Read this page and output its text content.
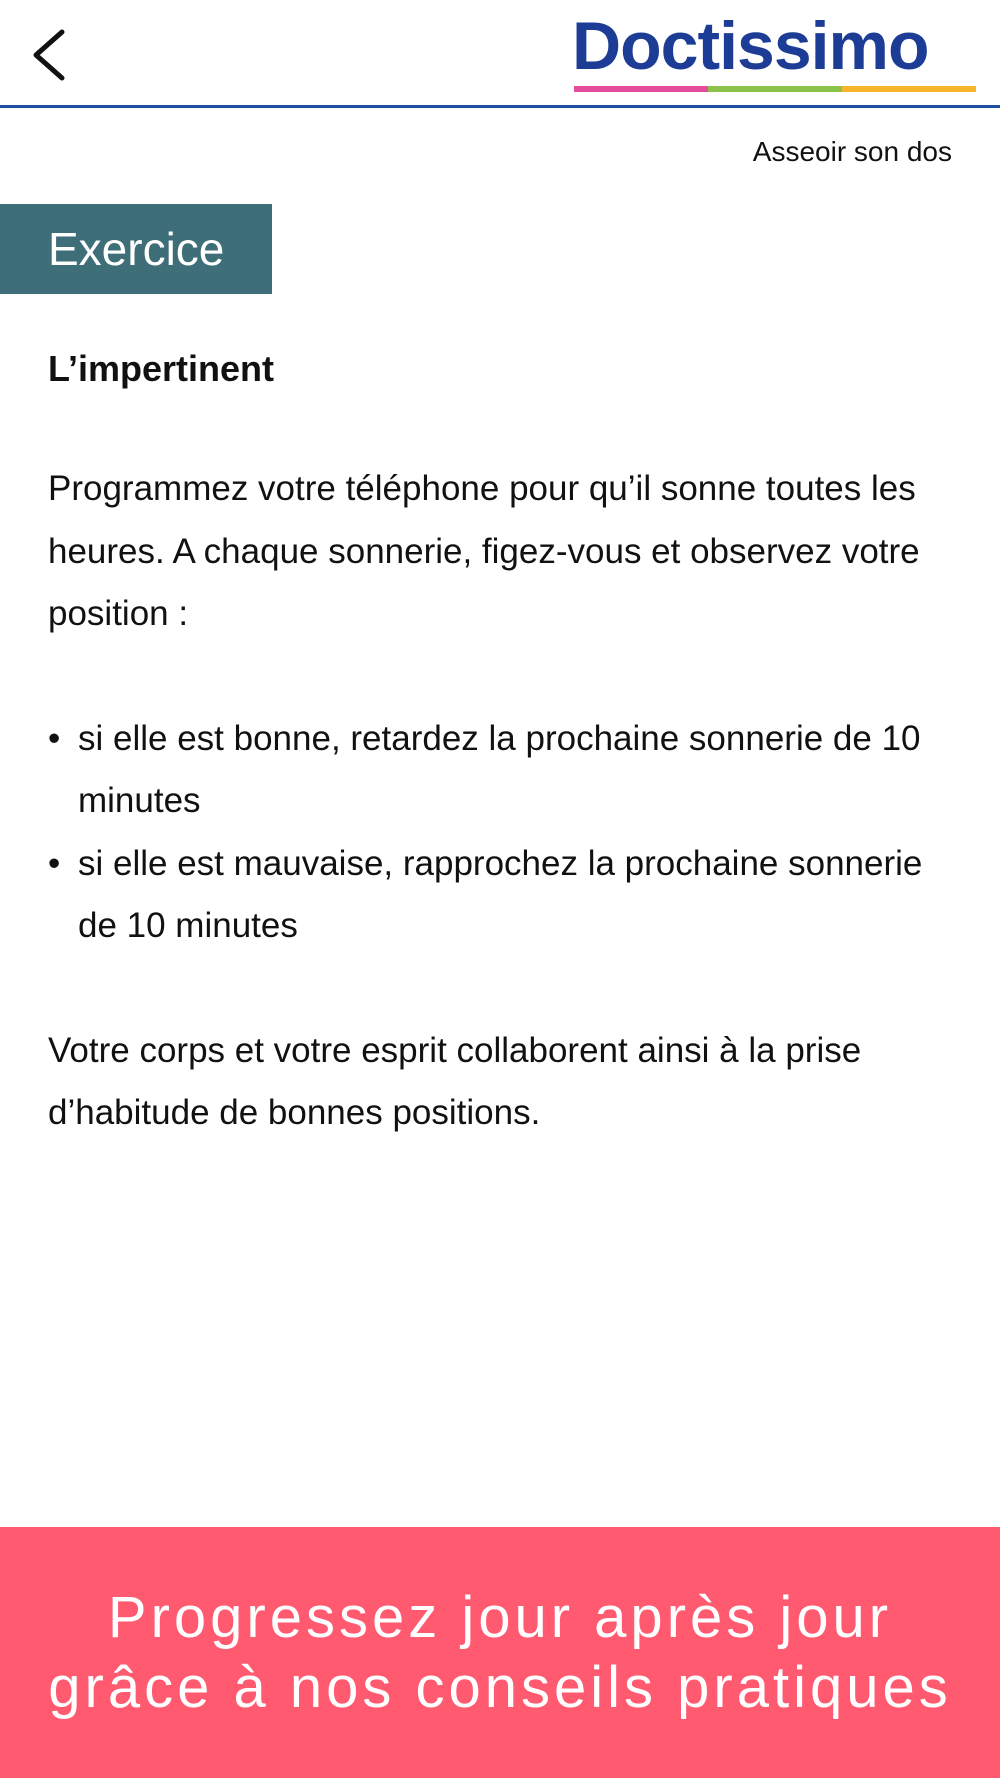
Doctissimo
Asseoir son dos
Exercice
L’impertinent

Programmez votre téléphone pour qu’il sonne toutes les heures. A chaque sonnerie, figez-vous et observez votre position :

• si elle est bonne, retardez la prochaine sonnerie de 10 minutes
• si elle est mauvaise, rapprochez la prochaine sonnerie de 10 minutes

Votre corps et votre esprit collaborent ainsi à la prise d’habitude de bonnes positions.

Progressez jour après jour
grâce à nos conseils pratiques
